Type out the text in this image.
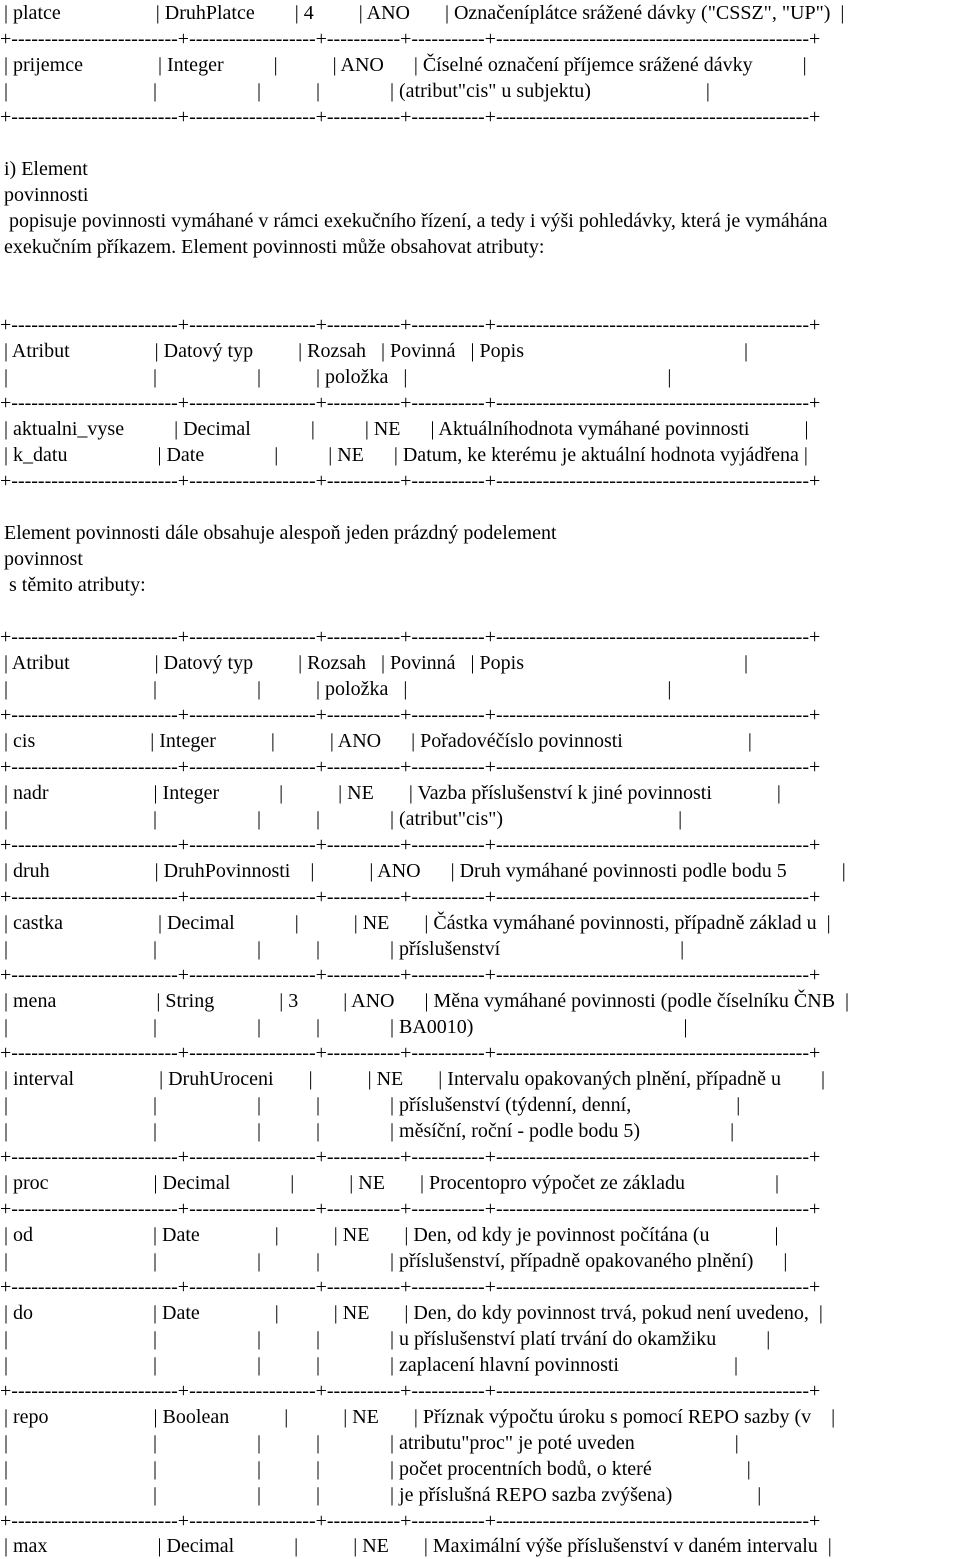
| platce                   | DruhPlatce        | 4         | ANO       | Označeníplátce srážené dávky ("CSSZ", "UP")  |
+-------------------------+-------------------+-----------+-----------+-----------------------------------------------+
| prijemce               | Integer          |           | ANO      | Číselné označení příjemce srážené dávky          |
|                             |                    |           |              | (atribut"cis" u subjektu)                       |
+-------------------------+-------------------+-----------+-----------+-----------------------------------------------+
i) Element
povinnosti
popisuje povinnosti vymáhané v rámci exekučního řízení, a tedy i výši pohledávky, která je vymáhána
exekučním příkazem. Element povinnosti může obsahovat atributy:
+-------------------------+-------------------+-----------+-----------+-----------------------------------------------+
| Atribut                 | Datový typ         | Rozsah   | Povinná   | Popis                                            |
|                             |                    |           | položka   |                                                    |
+-------------------------+-------------------+-----------+-----------+-----------------------------------------------+
| aktualni_vyse          | Decimal            |          | NE      | Aktuálníhodnota vymáhané povinnosti           |
| k_datu                  | Date              |          | NE      | Datum, ke kterému je aktuální hodnota vyjádřena |
+-------------------------+-------------------+-----------+-----------+-----------------------------------------------+
Element povinnosti dále obsahuje alespoň jeden prázdný podelement
povinnost
s těmito atributy:
+-------------------------+-------------------+-----------+-----------+-----------------------------------------------+
| Atribut                 | Datový typ         | Rozsah   | Povinná   | Popis                                            |
|                             |                    |           | položka   |                                                    |
+-------------------------+-------------------+-----------+-----------+-----------------------------------------------+
| cis                       | Integer           |           | ANO      | Pořadovéčíslo povinnosti                         |
+-------------------------+-------------------+-----------+-----------+-----------------------------------------------+
| nadr                     | Integer            |           | NE       | Vazba příslušenství k jiné povinnosti             |
|                             |                    |           |              | (atribut"cis")                                   |
+-------------------------+-------------------+-----------+-----------+-----------------------------------------------+
| druh                     | DruhPovinnosti    |           | ANO      | Druh vymáhané povinnosti podle bodu 5           |
+-------------------------+-------------------+-----------+-----------+-----------------------------------------------+
| castka                   | Decimal            |           | NE       | Částka vymáhané povinnosti, případně základ u  |
|                             |                    |           |              | příslušenství                                    |
+-------------------------+-------------------+-----------+-----------+-----------------------------------------------+
| mena                    | String             | 3         | ANO      | Měna vymáhané povinnosti (podle číselníku ČNB  |
|                             |                    |           |              | BA0010)                                          |
+-------------------------+-------------------+-----------+-----------+-----------------------------------------------+
| interval                 | DruhUroceni       |           | NE       | Intervalu opakovaných plnění, případně u        |
|                             |                    |           |              | příslušenství (týdenní, denní,                     |
|                             |                    |           |              | měsíční, roční - podle bodu 5)                  |
+-------------------------+-------------------+-----------+-----------+-----------------------------------------------+
| proc                     | Decimal            |           | NE       | Procentopro výpočet ze základu                  |
+-------------------------+-------------------+-----------+-----------+-----------------------------------------------+
| od                        | Date               |           | NE       | Den, od kdy je povinnost počítána (u             |
|                             |                    |           |              | příslušenství, případně opakovaného plnění)      |
+-------------------------+-------------------+-----------+-----------+-----------------------------------------------+
| do                        | Date               |           | NE       | Den, do kdy povinnost trvá, pokud není uvedeno,  |
|                             |                    |           |              | u příslušenství platí trvání do okamžiku          |
|                             |                    |           |              | zaplacení hlavní povinnosti                       |
+-------------------------+-------------------+-----------+-----------+-----------------------------------------------+
| repo                     | Boolean           |           | NE       | Příznak výpočtu úroku s pomocí REPO sazby (v    |
|                             |                    |           |              | atributu"proc" je poté uveden                    |
|                             |                    |           |              | počet procentních bodů, o které                   |
|                             |                    |           |              | je příslušná REPO sazba zvýšena)                 |
+-------------------------+-------------------+-----------+-----------+-----------------------------------------------+
| max                      | Decimal            |           | NE       | Maximální výše příslušenství v daném intervalu  |
